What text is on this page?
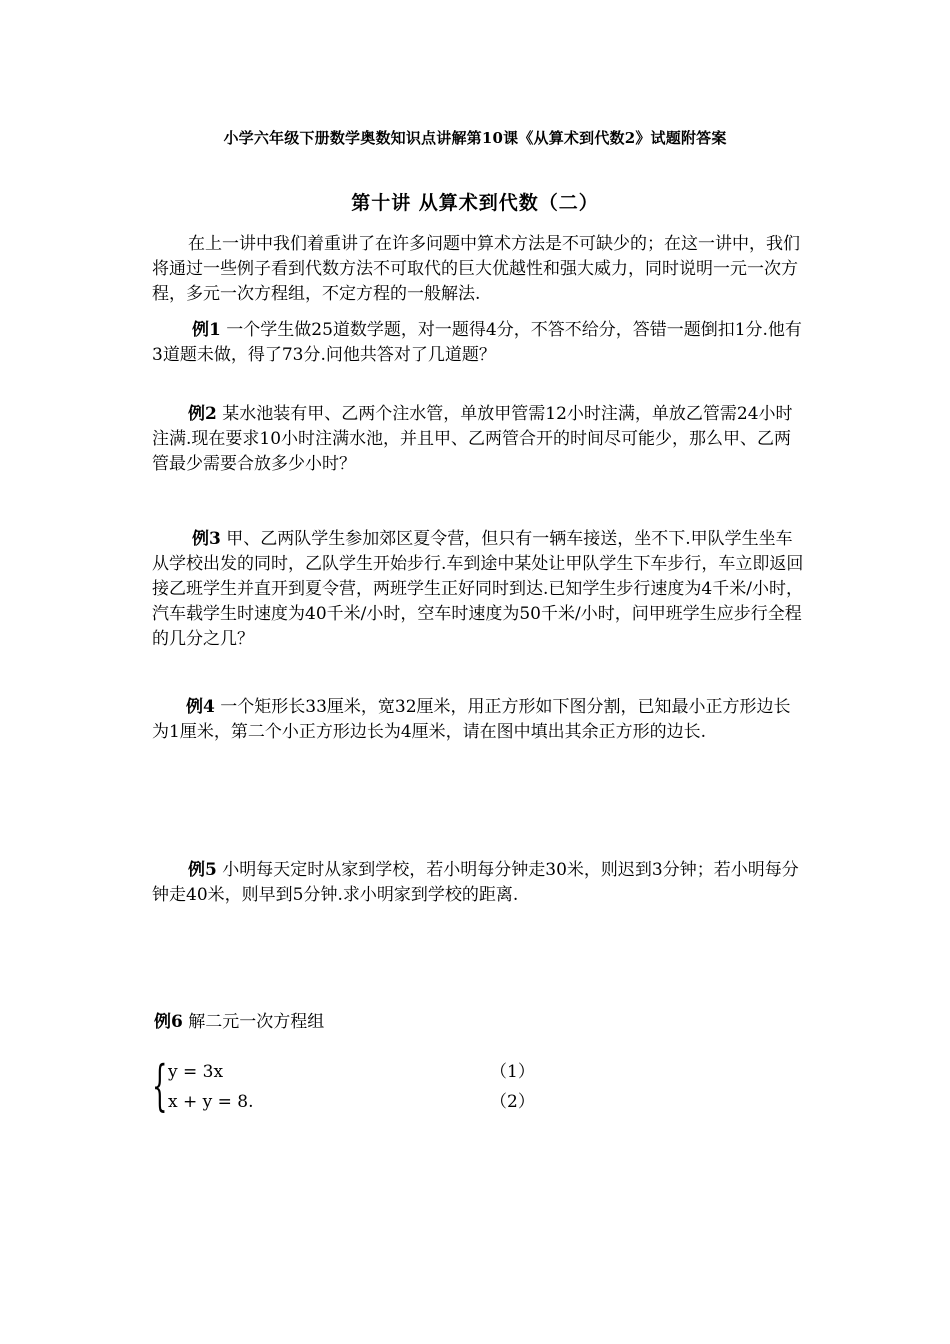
小学六年级下册数学奥数知识点讲解第10课《从算术到代数2》试题附答案
第十讲 从算术到代数（二）
在上一讲中我们着重讲了在许多问题中算术方法是不可缺少的；在这一讲中，我们将通过一些例子看到代数方法不可取代的巨大优越性和强大威力，同时说明一元一次方程，多元一次方程组，不定方程的一般解法.
例1 一个学生做25道数学题，对一题得4分，不答不给分，答错一题倒扣1分.他有3道题未做，得了73分.问他共答对了几道题？
例2 某水池装有甲、乙两个注水管，单放甲管需12小时注满，单放乙管需24小时注满.现在要求10小时注满水池，并且甲、乙两管合开的时间尽可能少，那么甲、乙两管最少需要合放多少小时？
例3 甲、乙两队学生参加郊区夏令营，但只有一辆车接送，坐不下.甲队学生坐车从学校出发的同时，乙队学生开始步行.车到途中某处让甲队学生下车步行，车立即返回接乙班学生并直开到夏令营，两班学生正好同时到达.已知学生步行速度为4千米/小时，汽车载学生时速度为40千米/小时，空车时速度为50千米/小时，问甲班学生应步行全程的几分之几？
例4 一个矩形长33厘米，宽32厘米，用正方形如下图分割，已知最小正方形边长为1厘米，第二个小正方形边长为4厘米，请在图中填出其余正方形的边长.
例5 小明每天定时从家到学校，若小明每分钟走30米，则迟到3分钟；若小明每分钟走40米，则早到5分钟.求小明家到学校的距离.
例6 解二元一次方程组
{ y = 3x
x + y = 8.
（1）
（2）
